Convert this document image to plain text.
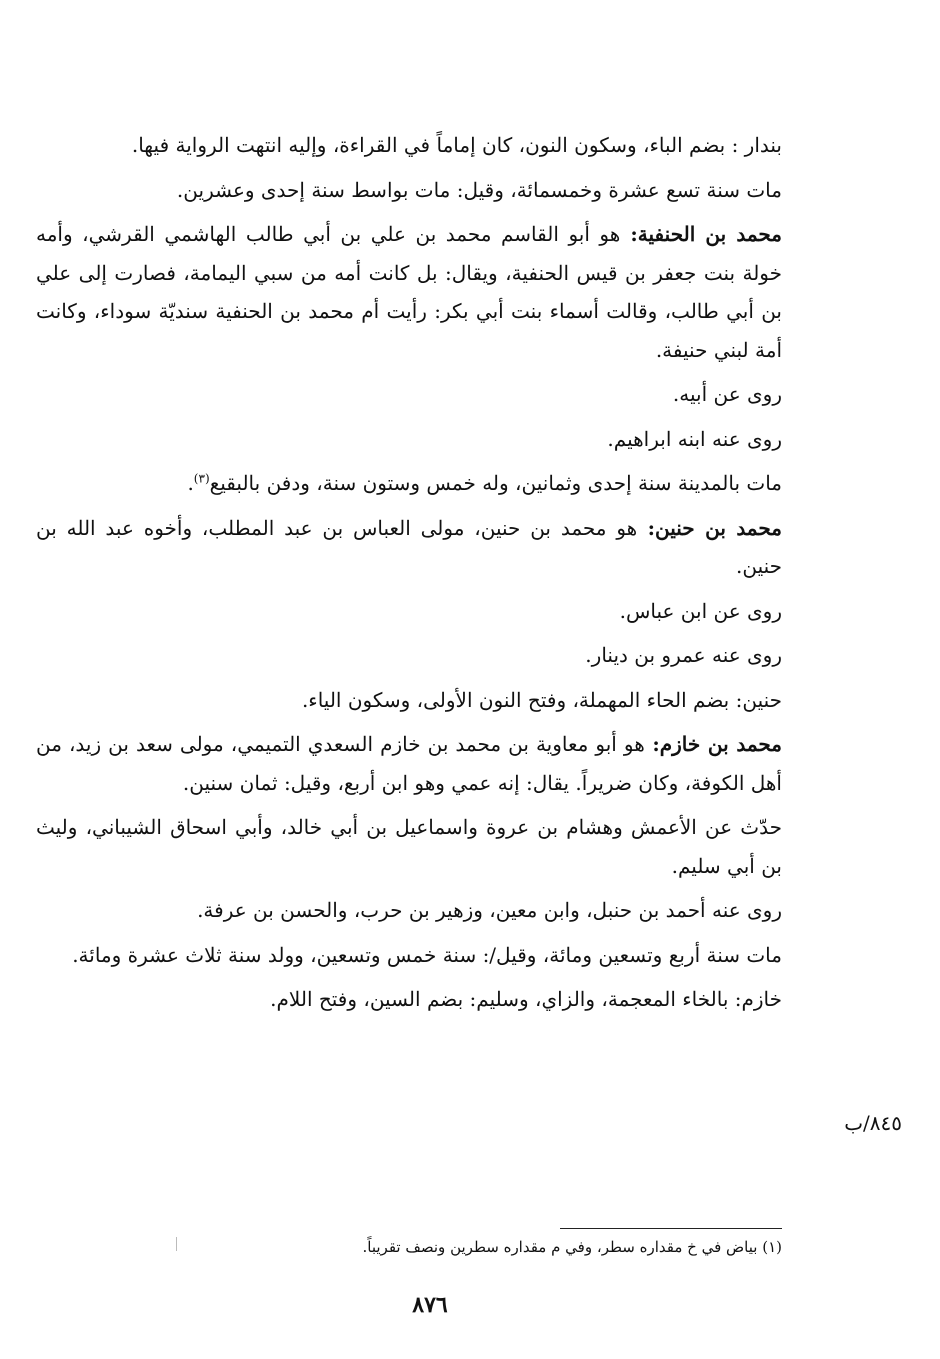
بندار : بضم الباء، وسكون النون، كان إماماً في القراءة، وإليه انتهت الرواية فيها.

مات سنة تسع عشرة وخمسمائة، وقيل: مات بواسط سنة إحدى وعشرين.

محمد بن الحنفية: هو أبو القاسم محمد بن علي بن أبي طالب الهاشمي القرشي، وأمه خولة بنت جعفر بن قيس الحنفية، ويقال: بل كانت أمه من سبي اليمامة، فصارت إلى علي بن أبي طالب، وقالت أسماء بنت أبي بكر: رأيت أم محمد بن الحنفية سنديّة سوداء، وكانت أمة لبني حنيفة.

روى عن أبيه.

روى عنه ابنه ابراهيم.

مات بالمدينة سنة إحدى وثمانين، وله خمس وستون سنة، ودفن بالبقيع$^{(٣)}$.

محمد بن حنين: هو محمد بن حنين، مولى العباس بن عبد المطلب، وأخوه عبد الله بن حنين.

روى عن ابن عباس.

روى عنه عمرو بن دينار.

حنين: بضم الحاء المهملة، وفتح النون الأولى، وسكون الياء.

محمد بن خازم: هو أبو معاوية بن محمد بن خازم السعدي التميمي، مولى سعد بن زيد، من أهل الكوفة، وكان ضريراً. يقال: إنه عمي وهو ابن أربع، وقيل: ثمان سنين.

حدّث عن الأعمش وهشام بن عروة واسماعيل بن أبي خالد، وأبي اسحاق الشيباني، وليث بن أبي سليم.

روى عنه أحمد بن حنبل، وابن معين، وزهير بن حرب، والحسن بن عرفة.

مات سنة أربع وتسعين ومائة، وقيل/: سنة خمس وتسعين، وولد سنة ثلاث عشرة ومائة.

خازم: بالخاء المعجمة، والزاي، وسليم: بضم السين، وفتح اللام.

٨٤٥/ب
(١) بياض في خ مقداره سطر، وفي م مقداره سطرين ونصف تقريباً.
٨٧٦
